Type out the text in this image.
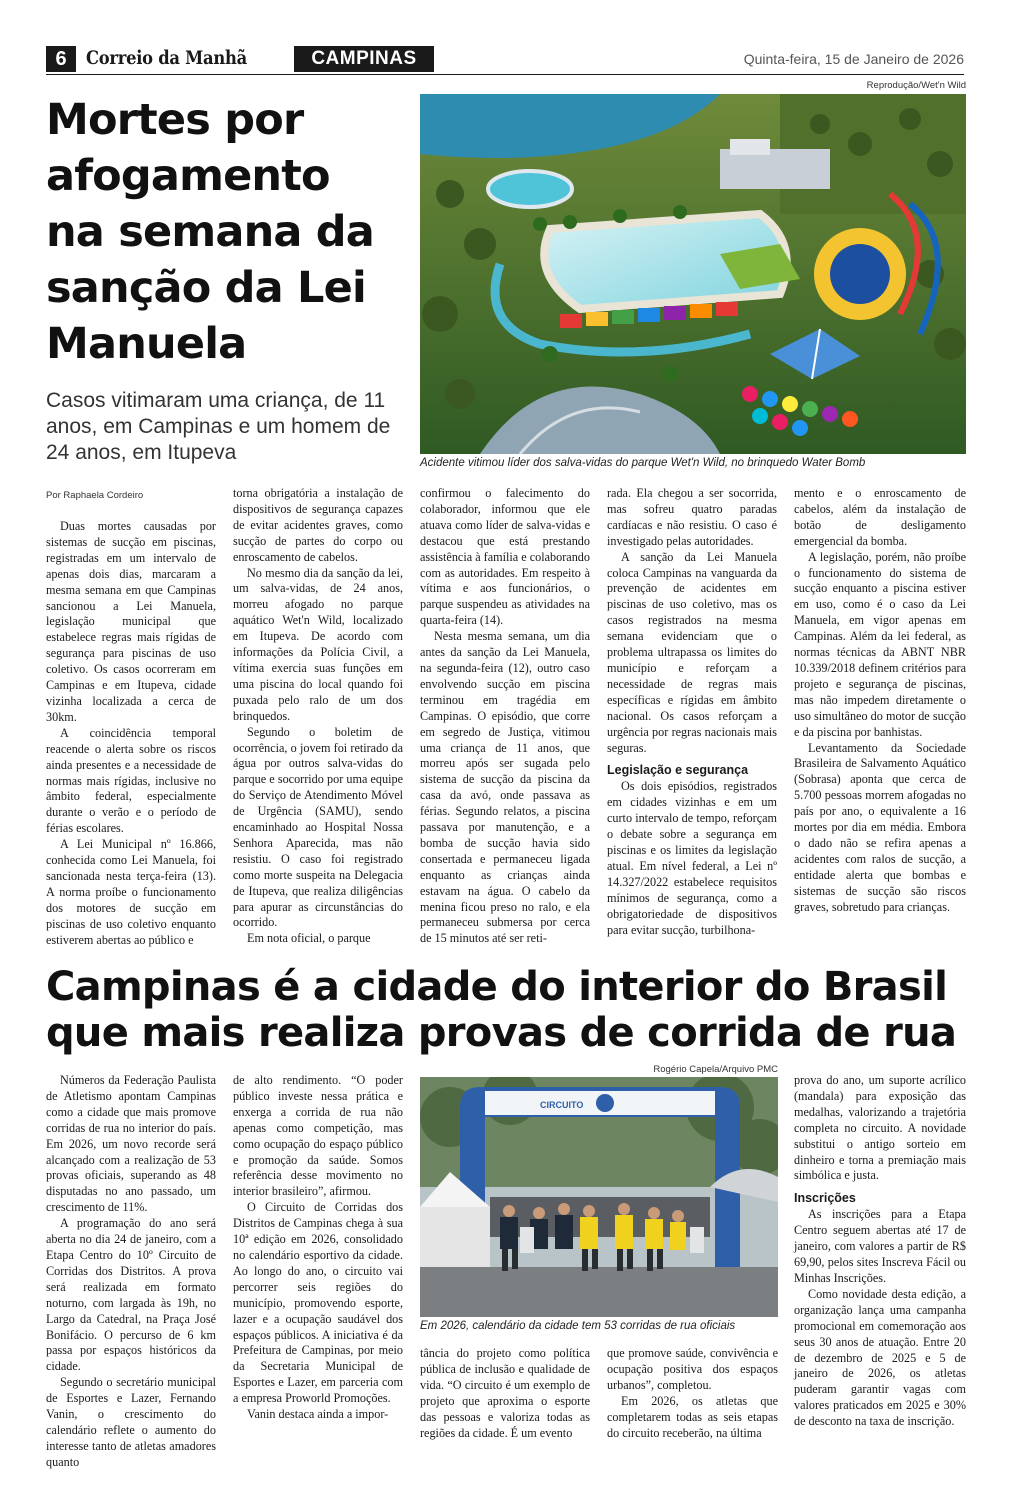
6	Correio da Manhã	CAMPINAS	Quinta-feira, 15 de Janeiro de 2026
Mortes por afogamento na semana da sanção da Lei Manuela
Casos vitimaram uma criança, de 11 anos, em Campinas e um homem de 24 anos, em Itupeva
Reprodução/Wet'n Wild
Acidente vitimou líder dos salva-vidas do parque Wet'n Wild, no brinquedo Water Bomb
Por Raphaela Cordeiro

Duas mortes causadas por sistemas de sucção em piscinas, registradas em um intervalo de apenas dois dias, marcaram a mesma semana em que Campinas sancionou a Lei Manuela, legislação municipal que estabelece regras mais rígidas de segurança para piscinas de uso coletivo. Os casos ocorreram em Campinas e em Itupeva, cidade vizinha localizada a cerca de 30km.

A coincidência temporal reacende o alerta sobre os riscos ainda presentes e a necessidade de normas mais rígidas, inclusive no âmbito federal, especialmente durante o verão e o período de férias escolares.

A Lei Municipal nº 16.866, conhecida como Lei Manuela, foi sancionada nesta terça-feira (13). A norma proíbe o funcionamento dos motores de sucção em piscinas de uso coletivo enquanto estiverem abertas ao público e

torna obrigatória a instalação de dispositivos de segurança capazes de evitar acidentes graves, como sucção de partes do corpo ou enroscamento de cabelos.

No mesmo dia da sanção da lei, um salva-vidas, de 24 anos, morreu afogado no parque aquático Wet'n Wild, localizado em Itupeva. De acordo com informações da Polícia Civil, a vítima exercia suas funções em uma piscina do local quando foi puxada pelo ralo de um dos brinquedos.

Segundo o boletim de ocorrência, o jovem foi retirado da água por outros salva-vidas do parque e socorrido por uma equipe do Serviço de Atendimento Móvel de Urgência (SAMU), sendo encaminhado ao Hospital Nossa Senhora Aparecida, mas não resistiu. O caso foi registrado como morte suspeita na Delegacia de Itupeva, que realiza diligências para apurar as circunstâncias do ocorrido.

Em nota oficial, o parque

confirmou o falecimento do colaborador, informou que ele atuava como líder de salva-vidas e destacou que está prestando assistência à família e colaborando com as autoridades. Em respeito à vítima e aos funcionários, o parque suspendeu as atividades na quarta-feira (14).

Nesta mesma semana, um dia antes da sanção da Lei Manuela, na segunda-feira (12), outro caso envolvendo sucção em piscina terminou em tragédia em Campinas. O episódio, que corre em segredo de Justiça, vitimou uma criança de 11 anos, que morreu após ser sugada pelo sistema de sucção da piscina da casa da avó, onde passava as férias. Segundo relatos, a piscina passava por manutenção, e a bomba de sucção havia sido consertada e permaneceu ligada enquanto as crianças ainda estavam na água. O cabelo da menina ficou preso no ralo, e ela permaneceu submersa por cerca de 15 minutos até ser reti-

rada. Ela chegou a ser socorrida, mas sofreu quatro paradas cardíacas e não resistiu. O caso é investigado pelas autoridades.

A sanção da Lei Manuela coloca Campinas na vanguarda da prevenção de acidentes em piscinas de uso coletivo, mas os casos registrados na mesma semana evidenciam que o problema ultrapassa os limites do município e reforçam a necessidade de regras mais específicas e rígidas em âmbito nacional. Os casos reforçam a urgência por regras nacionais mais seguras.

Legislação e segurança

Os dois episódios, registrados em cidades vizinhas e em um curto intervalo de tempo, reforçam o debate sobre a segurança em piscinas e os limites da legislação atual. Em nível federal, a Lei nº 14.327/2022 estabelece requisitos mínimos de segurança, como a obrigatoriedade de dispositivos para evitar sucção, turbilhona-

mento e o enroscamento de cabelos, além da instalação de botão de desligamento emergencial da bomba.

A legislação, porém, não proíbe o funcionamento do sistema de sucção enquanto a piscina estiver em uso, como é o caso da Lei Manuela, em vigor apenas em Campinas. Além da lei federal, as normas técnicas da ABNT NBR 10.339/2018 definem critérios para projeto e segurança de piscinas, mas não impedem diretamente o uso simultâneo do motor de sucção e da piscina por banhistas.

Levantamento da Sociedade Brasileira de Salvamento Aquático (Sobrasa) aponta que cerca de 5.700 pessoas morrem afogadas no país por ano, o equivalente a 16 mortes por dia em média. Embora o dado não se refira apenas a acidentes com ralos de sucção, a entidade alerta que bombas e sistemas de sucção são riscos graves, sobretudo para crianças.

Campinas é a cidade do interior do Brasil que mais realiza provas de corrida de rua
Rogério Capela/Arquivo PMC
CIRCUITO
Em 2026, calendário da cidade tem 53 corridas de rua oficiais

Números da Federação Paulista de Atletismo apontam Campinas como a cidade que mais promove corridas de rua no interior do país. Em 2026, um novo recorde será alcançado com a realização de 53 provas oficiais, superando as 48 disputadas no ano passado, um crescimento de 11%.

A programação do ano será aberta no dia 24 de janeiro, com a Etapa Centro do 10º Circuito de Corridas dos Distritos. A prova será realizada em formato noturno, com largada às 19h, no Largo da Catedral, na Praça José Bonifácio. O percurso de 6 km passa por espaços históricos da cidade.

Segundo o secretário municipal de Esportes e Lazer, Fernando Vanin, o crescimento do calendário reflete o aumento do interesse tanto de atletas amadores quanto

de alto rendimento. “O poder público investe nessa prática e enxerga a corrida de rua não apenas como competição, mas como ocupação do espaço público e promoção da saúde. Somos referência desse movimento no interior brasileiro”, afirmou.

O Circuito de Corridas dos Distritos de Campinas chega à sua 10ª edição em 2026, consolidado no calendário esportivo da cidade. Ao longo do ano, o circuito vai percorrer seis regiões do município, promovendo esporte, lazer e a ocupação saudável dos espaços públicos. A iniciativa é da Prefeitura de Campinas, por meio da Secretaria Municipal de Esportes e Lazer, em parceria com a empresa Proworld Promoções.

Vanin destaca ainda a impor-

tância do projeto como política pública de inclusão e qualidade de vida. “O circuito é um exemplo de projeto que aproxima o esporte das pessoas e valoriza todas as regiões da cidade. É um evento

que promove saúde, convivência e ocupação positiva dos espaços urbanos”, completou.

Em 2026, os atletas que completarem todas as seis etapas do circuito receberão, na última

prova do ano, um suporte acrílico (mandala) para exposição das medalhas, valorizando a trajetória completa no circuito. A novidade substitui o antigo sorteio em dinheiro e torna a premiação mais simbólica e justa.

Inscrições

As inscrições para a Etapa Centro seguem abertas até 17 de janeiro, com valores a partir de R$ 69,90, pelos sites Inscreva Fácil ou Minhas Inscrições.

Como novidade desta edição, a organização lança uma campanha promocional em comemoração aos seus 30 anos de atuação. Entre 20 de dezembro de 2025 e 5 de janeiro de 2026, os atletas puderam garantir vagas com valores praticados em 2025 e 30% de desconto na taxa de inscrição.
